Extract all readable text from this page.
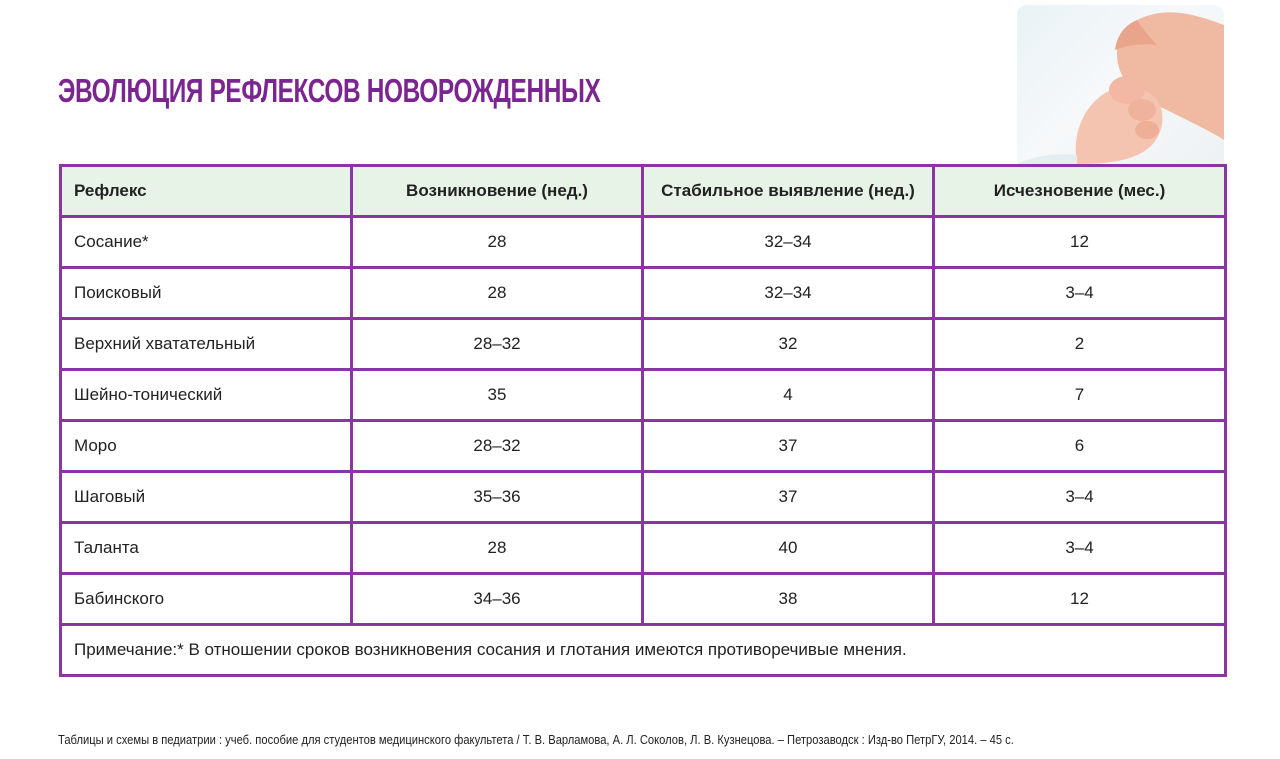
ЭВОЛЮЦИЯ РЕФЛЕКСОВ НОВОРОЖДЕННЫХ
Рефлекс	Возникновение (нед.)	Стабильное выявление (нед.)	Исчезновение (мес.)
Сосание*	28	32–34	12
Поисковый	28	32–34	3–4
Верхний хватательный	28–32	32	2
Шейно-тонический	35	4	7
Моро	28–32	37	6
Шаговый	35–36	37	3–4
Таланта	28	40	3–4
Бабинского	34–36	38	12
Примечание:* В отношении сроков возникновения сосания и глотания имеются противоречивые мнения.			
Таблицы и схемы в педиатрии : учеб. пособие для студентов медицинского факультета / Т. В. Варламова, А. Л. Соколов, Л. В. Кузнецова. – Петрозаводск : Изд-во ПетрГУ, 2014. – 45 с.
